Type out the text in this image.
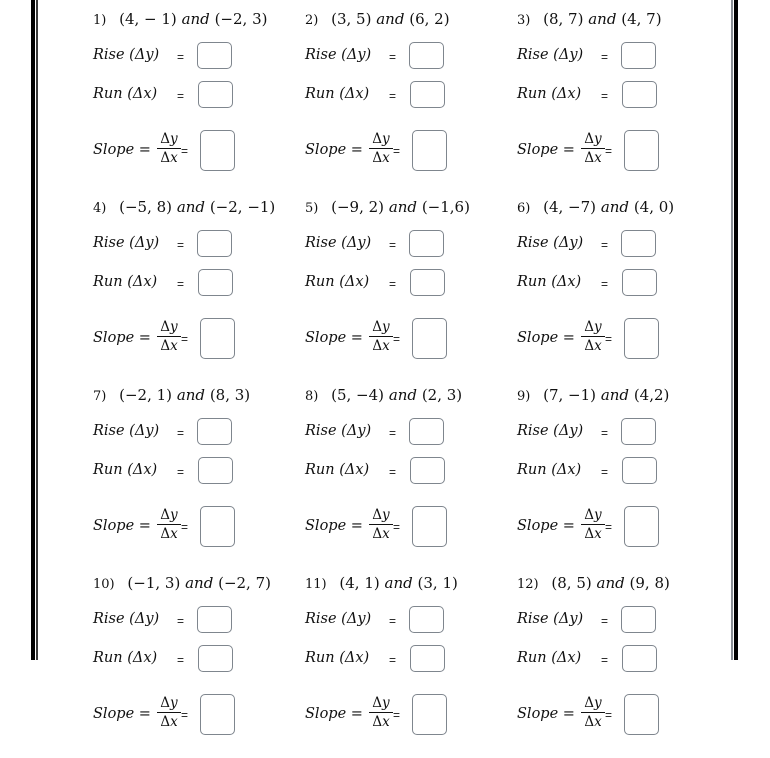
1) (4, − 1) and (−2, 3)
Rise (Δy) =
Run (Δx) =
Slope = $\frac{\Delta y}{\Delta x}$ =
2) (3, 5) and (6, 2)
Rise (Δy) =
Run (Δx) =
Slope = $\frac{\Delta y}{\Delta x}$ =
3) (8, 7) and (4, 7)
Rise (Δy) =
Run (Δx) =
Slope = $\frac{\Delta y}{\Delta x}$ =
4) (−5, 8) and (−2, −1)
Rise (Δy) =
Run (Δx) =
Slope = $\frac{\Delta y}{\Delta x}$ =
5) (−9, 2) and (−1,6)
Rise (Δy) =
Run (Δx) =
Slope = $\frac{\Delta y}{\Delta x}$ =
6) (4, −7) and (4, 0)
Rise (Δy) =
Run (Δx) =
Slope = $\frac{\Delta y}{\Delta x}$ =
7) (−2, 1) and (8, 3)
Rise (Δy) =
Run (Δx) =
Slope = $\frac{\Delta y}{\Delta x}$ =
8) (5, −4) and (2, 3)
Rise (Δy) =
Run (Δx) =
Slope = $\frac{\Delta y}{\Delta x}$ =
9) (7, −1) and (4,2)
Rise (Δy) =
Run (Δx) =
Slope = $\frac{\Delta y}{\Delta x}$ =
10) (−1, 3) and (−2, 7)
Rise (Δy) =
Run (Δx) =
Slope = $\frac{\Delta y}{\Delta x}$ =
11) (4, 1) and (3, 1)
Rise (Δy) =
Run (Δx) =
Slope = $\frac{\Delta y}{\Delta x}$ =
12) (8, 5) and (9, 8)
Rise (Δy) =
Run (Δx) =
Slope = $\frac{\Delta y}{\Delta x}$ =
